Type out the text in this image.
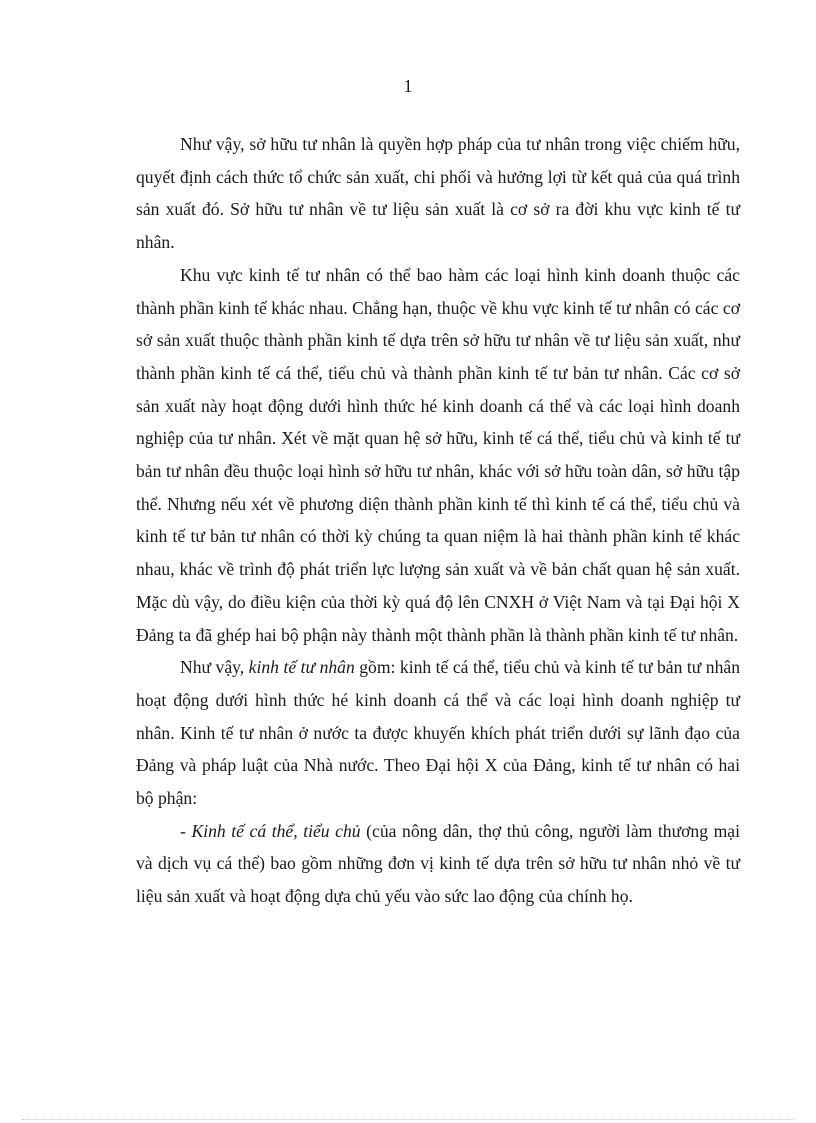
1

Như vậy, sở hữu tư nhân là quyền hợp pháp của tư nhân trong việc chiếm hữu, quyết định cách thức tổ chức sản xuất, chi phối và hưởng lợi từ kết quả của quá trình sản xuất đó. Sở hữu tư nhân về tư liệu sản xuất là cơ sở ra đời khu vực kinh tế tư nhân.

Khu vực kinh tế tư nhân có thể bao hàm các loại hình kinh doanh thuộc các thành phần kinh tế khác nhau. Chẳng hạn, thuộc về khu vực kinh tế tư nhân có các cơ sở sản xuất thuộc thành phần kinh tế dựa trên sở hữu tư nhân về tư liệu sản xuất, như thành phần kinh tế cá thể, tiểu chủ và thành phần kinh tế tư bản tư nhân. Các cơ sở sản xuất này hoạt động dưới hình thức hé kinh doanh cá thể và các loại hình doanh nghiệp của tư nhân. Xét về mặt quan hệ sở hữu, kinh tế cá thể, tiểu chủ và kinh tế tư bản tư nhân đều thuộc loại hình sở hữu tư nhân, khác với sở hữu toàn dân, sở hữu tập thể. Nhưng nếu xét về phương diện thành phần kinh tế thì kinh tế cá thể, tiểu chủ và kinh tế tư bản tư nhân có thời kỳ chúng ta quan niệm là hai thành phần kinh tế khác nhau, khác về trình độ phát triển lực lượng sản xuất và về bản chất quan hệ sản xuất. Mặc dù vậy, do điều kiện của thời kỳ quá độ lên CNXH ở Việt Nam và tại Đại hội X Đảng ta đã ghép hai bộ phận này thành một thành phần là thành phần kinh tế tư nhân.

Như vậy, kinh tế tư nhân gồm: kinh tế cá thể, tiểu chủ và kinh tế tư bản tư nhân hoạt động dưới hình thức hé kinh doanh cá thể và các loại hình doanh nghiệp tư nhân. Kinh tế tư nhân ở nước ta được khuyến khích phát triển dưới sự lãnh đạo của Đảng và pháp luật của Nhà nước. Theo Đại hội X của Đảng, kinh tế tư nhân có hai bộ phận:

- Kinh tế cá thể, tiểu chủ (của nông dân, thợ thủ công, người làm thương mại và dịch vụ cá thể) bao gồm những đơn vị kinh tế dựa trên sở hữu tư nhân nhỏ về tư liệu sản xuất và hoạt động dựa chủ yếu vào sức lao động của chính họ.
